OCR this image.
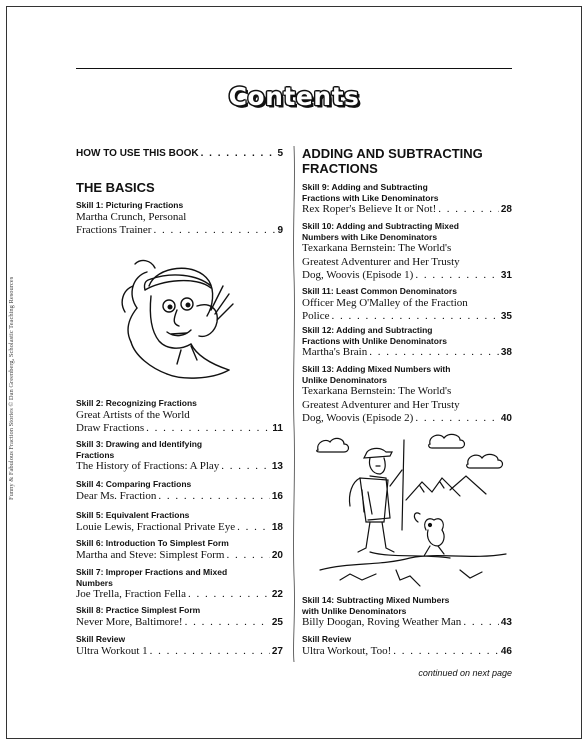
Funny & Fabulous Fraction Stories © Dan Greenberg, Scholastic Teaching Resources
Contents
HOW TO USE THIS BOOK . . .	5
THE BASICS
Skill 1: Picturing Fractions
Martha Crunch, Personal
Fractions Trainer . . .	9
Skill 2: Recognizing Fractions
Great Artists of the World
Draw Fractions . . .	11
Skill 3: Drawing and Identifying
Fractions
The History of Fractions: A Play . . .	13
Skill 4: Comparing Fractions
Dear Ms. Fraction . . .	16
Skill 5: Equivalent Fractions
Louie Lewis, Fractional Private Eye . . .	18
Skill 6: Introduction To Simplest Form
Martha and Steve: Simplest Form . . .	20
Skill 7: Improper Fractions and Mixed
Numbers
Joe Trella, Fraction Fella . . .	22
Skill 8: Practice Simplest Form
Never More, Baltimore! . . .	25
Skill Review
Ultra Workout 1 . . .	27
ADDING AND SUBTRACTING
FRACTIONS
Skill 9: Adding and Subtracting
Fractions with Like Denominators
Rex Roper's Believe It or Not! . . .	28
Skill 10: Adding and Subtracting Mixed
Numbers with Like Denominators
Texarkana Bernstein: The World's
Greatest Adventurer and Her Trusty
Dog, Woovis (Episode 1) . . .	31
Skill 11: Least Common Denominators
Officer Meg O'Malley of the Fraction
Police . . .	35
Skill 12: Adding and Subtracting
Fractions with Unlike Denominators
Martha's Brain . . .	38
Skill 13: Adding Mixed Numbers with
Unlike Denominators
Texarkana Bernstein: The World's
Greatest Adventurer and Her Trusty
Dog, Woovis (Episode 2) . . .	40
Skill 14: Subtracting Mixed Numbers
with Unlike Denominators
Billy Doogan, Roving Weather Man . . .	43
Skill Review
Ultra Workout, Too! . . .	46
continued on next page
